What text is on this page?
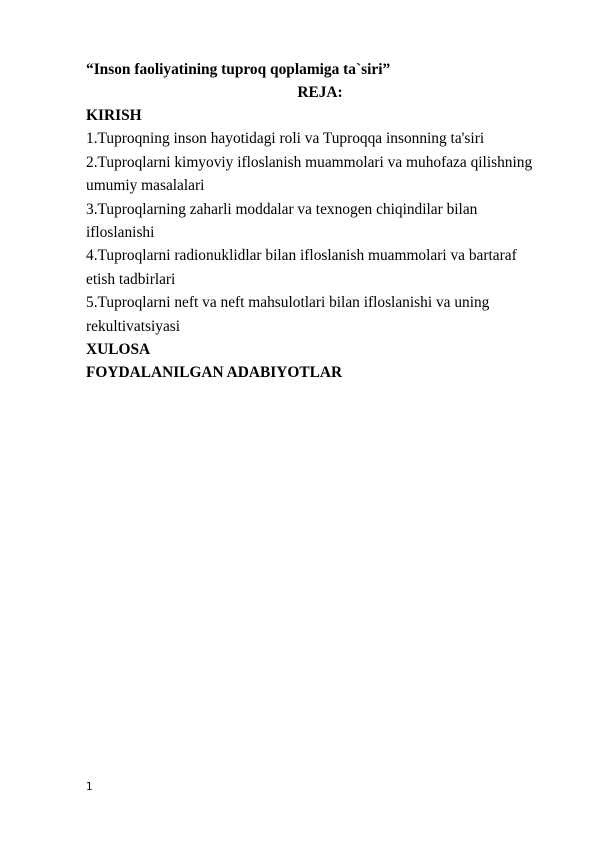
“Inson faoliyatining tuproq qoplamiga ta`siri”
REJA:
KIRISH
1.Tuproqning inson hayotidagi roli va Tuproqqa insonning ta'siri
2.Tuproqlarni kimyoviy ifloslanish muammolari va muhofaza qilishning
umumiy masalalari
3.Tuproqlarning zaharli moddalar va texnogen chiqindilar bilan
ifloslanishi
4.Tuproqlarni radionuklidlar bilan ifloslanish muammolari va bartaraf
etish tadbirlari
5.Tuproqlarni neft va neft mahsulotlari bilan ifloslanishi va uning
rekultivatsiyasi
XULOSA
FOYDALANILGAN ADABIYOTLAR
1
